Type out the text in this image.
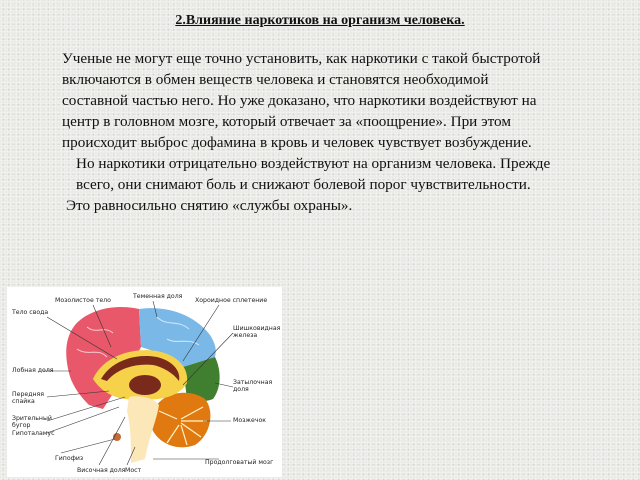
2.Влияние наркотиков на организм человека.

Ученые не могут еще точно установить, как наркотики с такой быстротой включаются в обмен веществ человека и становятся необходимой составной частью него. Но уже доказано, что наркотики воздействуют на центр в головном мозге, который отвечает за «поощрение». При этом происходит выброс дофамина в кровь и человек чувствует возбуждение.

Но наркотики отрицательно воздействуют на организм человека. Прежде всего, они снимают боль и снижают болевой порог чувствительности.

Это равносильно снятию «службы охраны».

Мозолистое тело
Теменная доля
Хороидное сплетение
Тело свода
Шишковидная
железа
Лобная доля
Затылочная
доля
Передняя
спайка
Зрительный
бугор
Гипоталамус
Мозжечок
Гипофиз
Височная доля Мост
Продолговатый мозг
